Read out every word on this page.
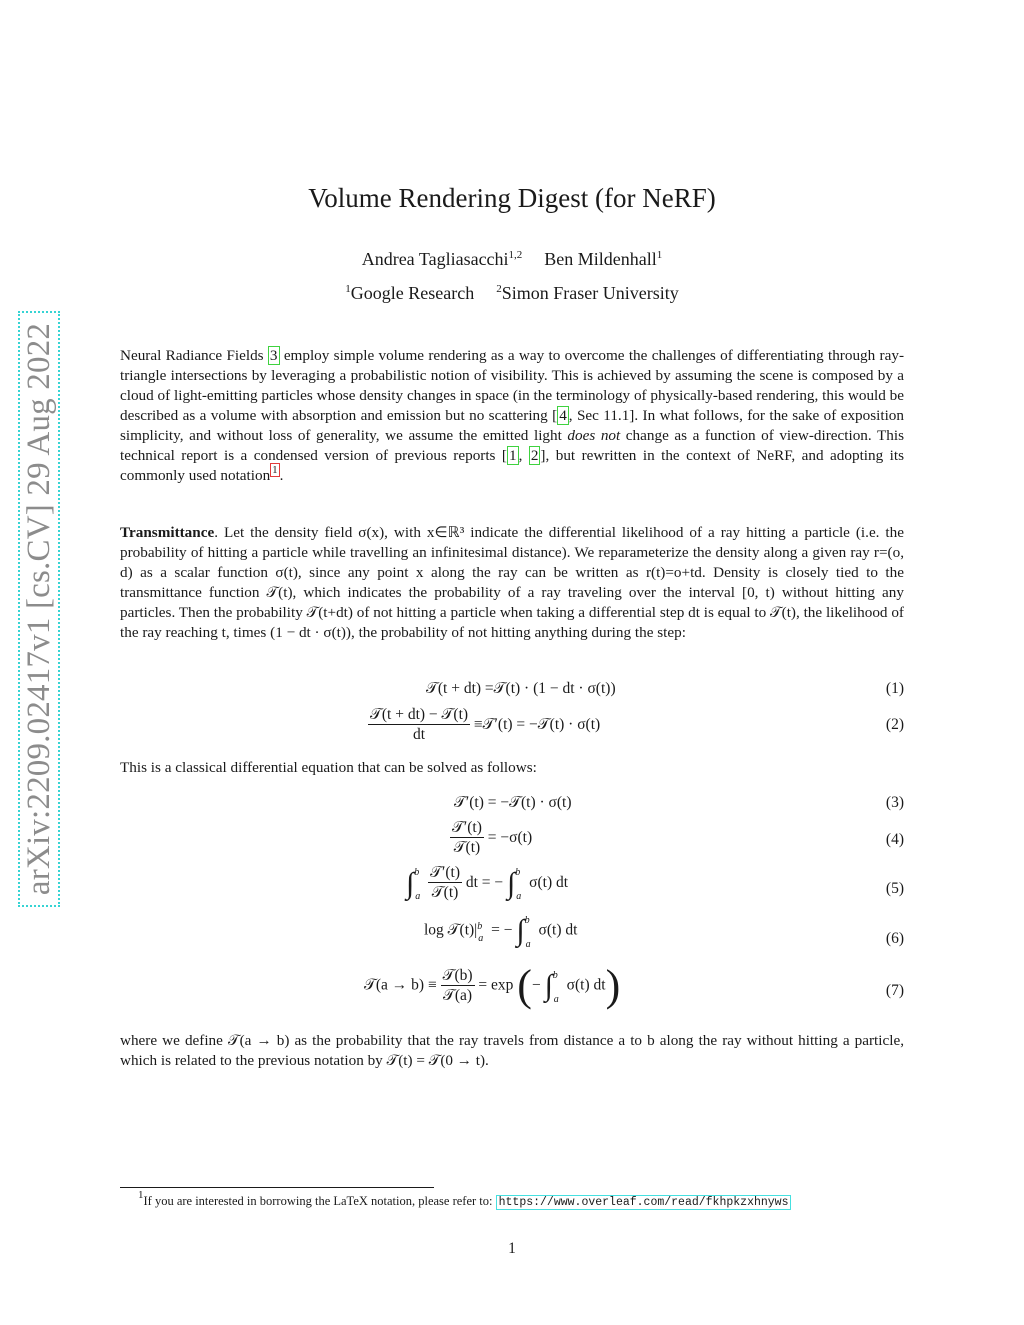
arXiv:2209.02417v1 [cs.CV] 29 Aug 2022
Volume Rendering Digest (for NeRF)
Andrea Tagliasacchi$^{1,2}$ Ben Mildenhall$^1$
$^1$Google Research $^2$Simon Fraser University
Neural Radiance Fields 3 employ simple volume rendering as a way to overcome the challenges of differentiating through ray-triangle intersections by leveraging a probabilistic notion of visibility. This is achieved by assuming the scene is composed by a cloud of light-emitting particles whose density changes in space (in the terminology of physically-based rendering, this would be described as a volume with absorption and emission but no scattering [ 4 , Sec 11.1]. In what follows, for the sake of exposition simplicity, and without loss of generality, we assume the emitted light does not change as a function of view-direction. This technical report is a condensed version of previous reports [ 1 , 2 ], but rewritten in the context of NeRF, and adopting its commonly used notation $^1$ .
Transmittance. Let the density field σ(x), with x∈ℝ³ indicate the differential likelihood of a ray hitting a particle (i.e. the probability of hitting a particle while travelling an infinitesimal distance). We reparameterize the density along a given ray r=(o, d) as a scalar function σ(t), since any point x along the ray can be written as r(t)=o+td. Density is closely tied to the transmittance function 𝒯(t), which indicates the probability of a ray traveling over the interval [0, t) without hitting any particles. Then the probability 𝒯(t+dt) of not hitting a particle when taking a differential step dt is equal to 𝒯(t), the likelihood of the ray reaching t, times (1 − dt · σ(t)), the probability of not hitting anything during the step:
𝒯(t + dt) =𝒯(t) · (1 − dt · σ(t))	(1)
$\frac{\text{𝒯(t + dt) − 𝒯(t)}}{dt}$ ≡𝒯′(t) = −𝒯(t) · σ(t)	(2)
This is a classical differential equation that can be solved as follows:
𝒯′(t) = −𝒯(t) · σ(t)	(3)
$\frac{\text{𝒯′(t)}}{\text{𝒯(t)}} = -\sigma(t)$	(4)
$\int^b_a \frac{\text{𝒯′(t)}}{\text{𝒯(t)}}$ dt = − ∫$^b_a$ σ(t) dt	(5)
$\log 𝒯(t)|^b_a$ = − ∫$^b_a$ σ(t) dt	(6)
𝒯(a → $b) \equiv \frac{\text{𝒯(b)}}{\text{𝒯(a)}} = \exp$ (− ∫$^b_a$ σ(t) dt)	(7)
where we define 𝒯(a → b) as the probability that the ray travels from distance a to b along the ray without hitting a particle, which is related to the previous notation by 𝒯(t) = 𝒯(0 → t).
$^1$If you are interested in borrowing the LaTeX notation, please refer to: https://www.overleaf.com/read/fkhpkzxhnyws
1
